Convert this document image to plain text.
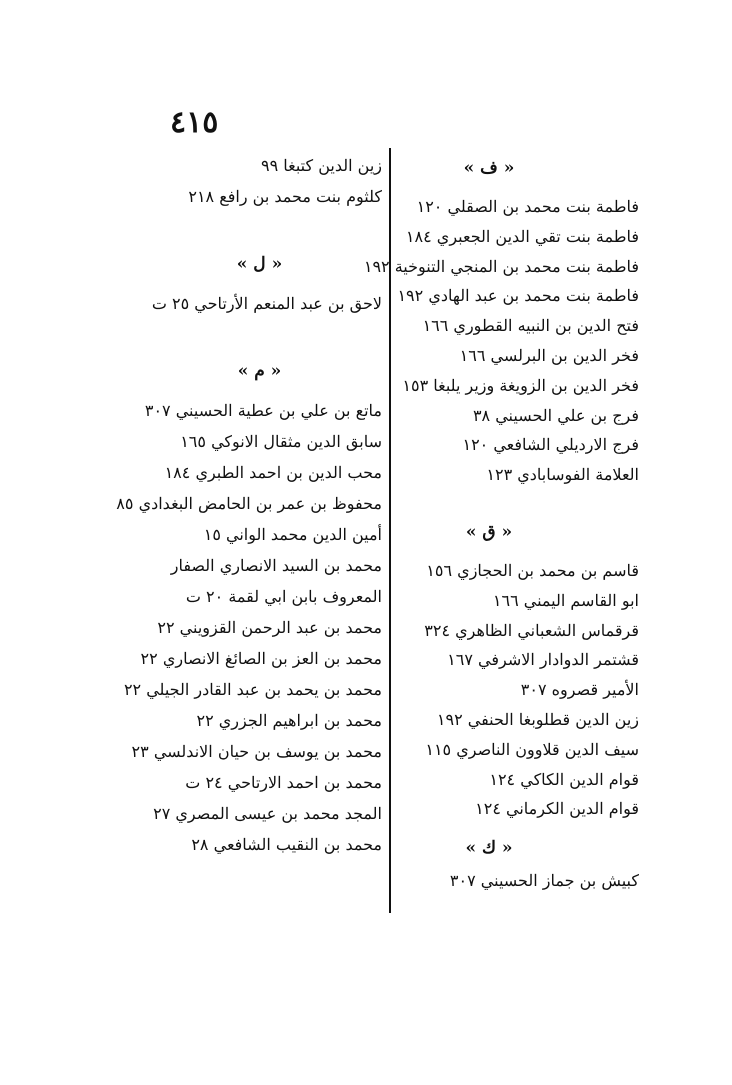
٤١٥
« ف »
فاطمة بنت محمد بن الصقلي ١٢٠
فاطمة بنت تقي الدين الجعبري ١٨٤
فاطمة بنت محمد بن المنجي التنوخية ١٩٢
فاطمة بنت محمد بن عبد الهادي ١٩٢
فتح الدين بن النبيه القطوري ١٦٦
فخر الدين بن البرلسي ١٦٦
فخر الدين بن الزويغة وزير يلبغا ١٥٣
فرج بن علي الحسيني ٣٨
فرج الارديلي الشافعي ١٢٠
العلامة الفوسابادي ١٢٣
« ق »
قاسم بن محمد بن الحجازي ١٥٦
ابو القاسم اليمني ١٦٦
قرقماس الشعباني الظاهري ٣٢٤
قشتمر الدوادار الاشرفي ١٦٧
الأمير قصروه ٣٠٧
زين الدين قطلوبغا الحنفي ١٩٢
سيف الدين قلاوون الناصري ١١٥
قوام الدين الكاكي ١٢٤
قوام الدين الكرماني ١٢٤
« ك »
كبيش بن جماز الحسيني ٣٠٧
زين الدين كتبغا ٩٩
كلثوم بنت محمد بن رافع ٢١٨
« ل »
لاحق بن عبد المنعم الأرتاحي ٢٥ ت
« م »
ماتع بن علي بن عطية الحسيني ٣٠٧
سابق الدين مثقال الانوكي ١٦٥
محب الدين بن احمد الطبري ١٨٤
محفوظ بن عمر بن الحامض البغدادي ٨٥
أمين الدين محمد الواني ١٥
محمد بن السيد الانصاري الصفار
المعروف بابن ابي لقمة ٢٠ ت
محمد بن عبد الرحمن القزويني ٢٢
محمد بن العز بن الصائغ الانصاري ٢٢
محمد بن يحمد بن عبد القادر الجيلي ٢٢
محمد بن ابراهيم الجزري ٢٢
محمد بن يوسف بن حيان الاندلسي ٢٣
محمد بن احمد الارتاحي ٢٤ ت
المجد محمد بن عيسى المصري ٢٧
محمد بن النقيب الشافعي ٢٨
